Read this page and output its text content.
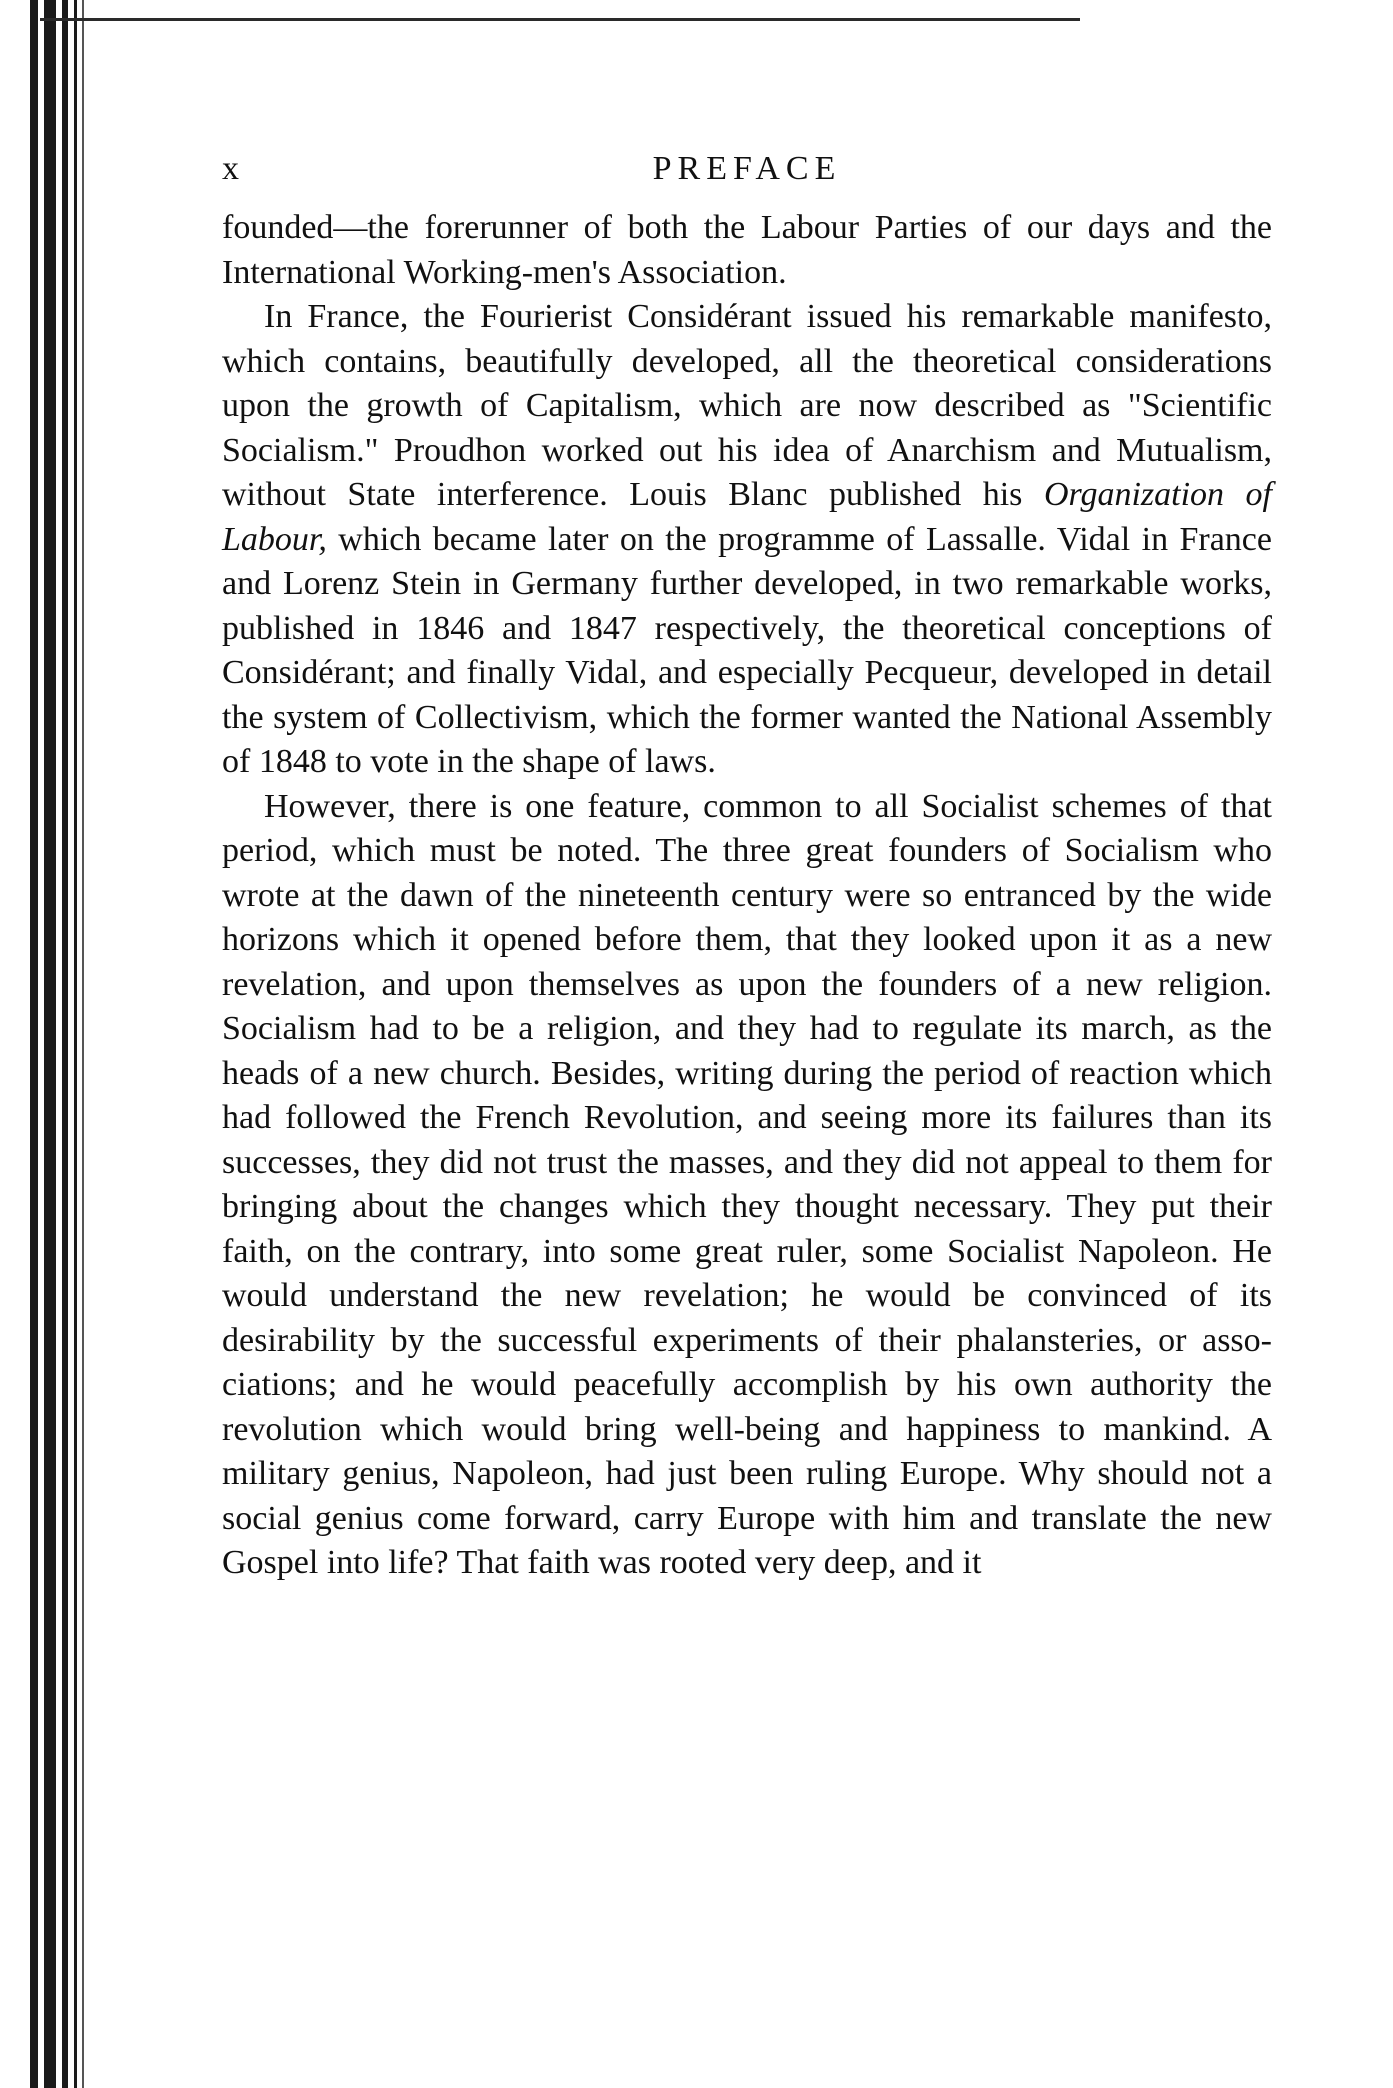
x	PREFACE

founded—the forerunner of both the Labour Parties of our days and the International Working-men's Association.

In France, the Fourierist Considérant issued his remarkable manifesto, which contains, beautifully developed, all the theoretical considerations upon the growth of Capitalism, which are now described as "Scientific Socialism." Proudhon worked out his idea of Anarchism and Mutualism, without State interference. Louis Blanc published his Organization of Labour, which became later on the programme of Lassalle. Vidal in France and Lorenz Stein in Germany further developed, in two remarkable works, published in 1846 and 1847 respectively, the theoretical conceptions of Considérant; and finally Vidal, and especially Pecqueur, developed in detail the system of Collectivism, which the former wanted the National Assembly of 1848 to vote in the shape of laws.

However, there is one feature, common to all Socialist schemes of that period, which must be noted. The three great founders of Socialism who wrote at the dawn of the nineteenth century were so entranced by the wide horizons which it opened before them, that they looked upon it as a new revelation, and upon themselves as upon the founders of a new religion. Socialism had to be a religion, and they had to regulate its march, as the heads of a new church. Besides, writing during the period of reaction which had followed the French Revolution, and seeing more its failures than its successes, they did not trust the masses, and they did not appeal to them for bringing about the changes which they thought necessary. They put their faith, on the contrary, into some great ruler, some Socialist Napoleon. He would understand the new revelation; he would be convinced of its desirability by the successful experiments of their phalansteries, or associations; and he would peacefully accomplish by his own authority the revolution which would bring well-being and happiness to mankind. A military genius, Napoleon, had just been ruling Europe. Why should not a social genius come forward, carry Europe with him and translate the new Gospel into life? That faith was rooted very deep, and it
